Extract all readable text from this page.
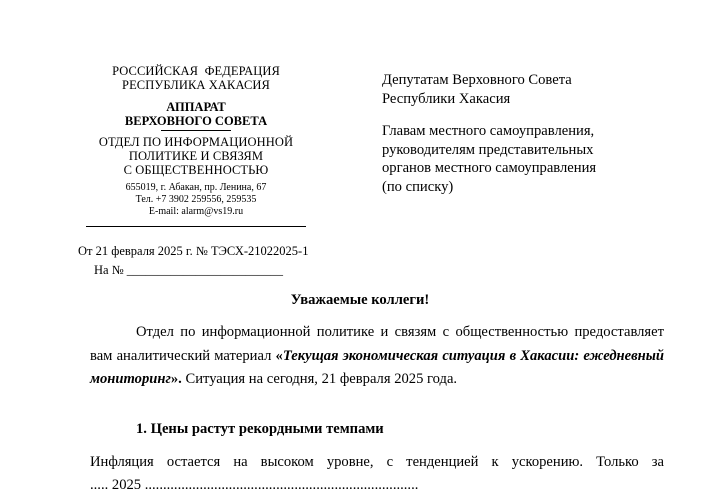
РОССИЙСКАЯ  ФЕДЕРАЦИЯ
РЕСПУБЛИКА ХАКАСИЯ
АППАРАТ
ВЕРХОВНОГО СОВЕТА
ОТДЕЛ ПО ИНФОРМАЦИОННОЙ
ПОЛИТИКЕ И СВЯЗЯМ
С ОБЩЕСТВЕННОСТЬЮ
655019, г. Абакан, пр. Ленина, 67
Тел. +7 3902 259556, 259535
E-mail: alarm@vs19.ru
От 21 февраля 2025 г. № ТЭСХ-21022025-1
На № _________________________
Депутатам Верховного Совета
Республики Хакасия
Главам местного самоуправления,
руководителям представительных
органов местного самоуправления
(по списку)
Уважаемые коллеги!
Отдел по информационной политике и связям с общественностью предоставляет вам аналитический материал «Текущая экономическая ситуация в Хакасии: ежедневный мониторинг». Ситуация на сегодня, 21 февраля 2025 года.
1. Цены растут рекордными темпами
Инфляция остается на высоком уровне, с тенденцией к ускорению. Только за
..... 2025 ...........................................................................
